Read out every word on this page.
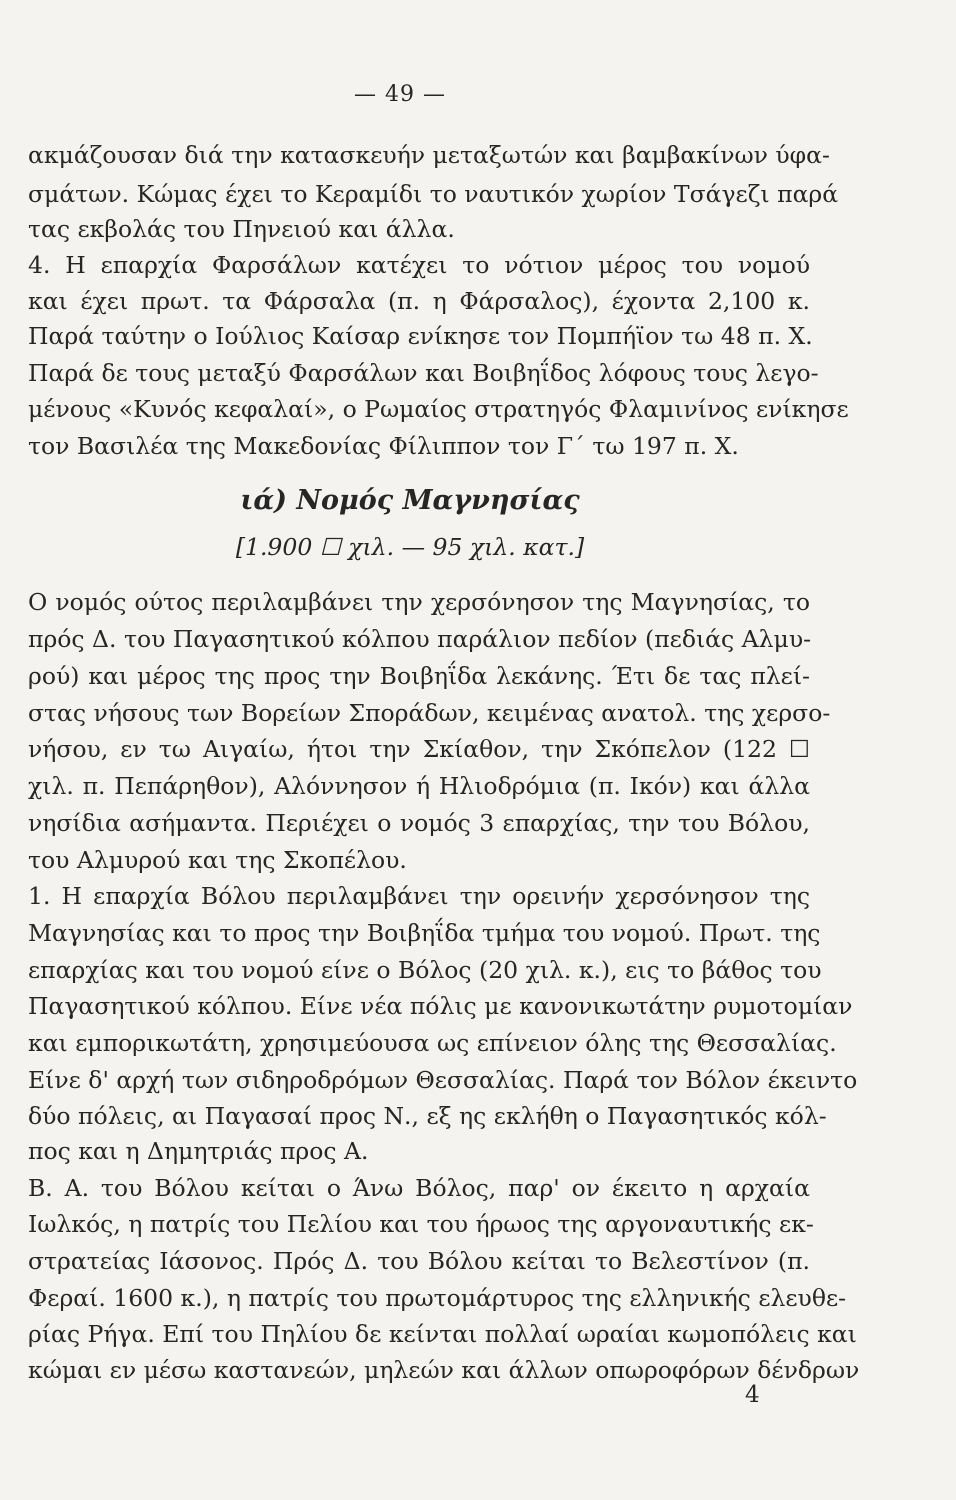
— 49 —
ακμάζουσαν διά την κατασκευήν μεταξωτών και βαμβακίνων ύφα-
σμάτων. Κώμας έχει το Κεραμίδι το ναυτικόν χωρίον Τσάγεζι παρά
τας εκβολάς του Πηνειού και άλλα.
4. Η επαρχία Φαρσάλων κατέχει το νότιον μέρος του νομού
και έχει πρωτ. τα Φάρσαλα (π. η Φάρσαλος), έχοντα 2,100 κ.
Παρά ταύτην ο Ιούλιος Καίσαρ ενίκησε τον Πομπήϊον τω 48 π. Χ.
Παρά δε τους μεταξύ Φαρσάλων και Βοιβηΐδος λόφους τους λεγο-
μένους «Κυνός κεφαλαί», ο Ρωμαίος στρατηγός Φλαμινίνος ενίκησε
τον Βασιλέα της Μακεδονίας Φίλιππον τον Γ΄ τω 197 π. Χ.
ιά) Νομός Μαγνησίας
[1.900 ☐ χιλ. — 95 χιλ. κατ.]
Ο νομός ούτος περιλαμβάνει την χερσόνησον της Μαγνησίας, το
πρός Δ. του Παγασητικού κόλπου παράλιον πεδίον (πεδιάς Αλμυ-
ρού) και μέρος της προς την Βοιβηΐδα λεκάνης. Έτι δε τας πλεί-
στας νήσους των Βορείων Σποράδων, κειμένας ανατολ. της χερσο-
νήσου, εν τω Αιγαίω, ήτοι την Σκίαθον, την Σκόπελον (122 ☐
χιλ. π. Πεπάρηθον), Αλόννησον ή Ηλιοδρόμια (π. Ικόν) και άλλα
νησίδια ασήμαντα. Περιέχει ο νομός 3 επαρχίας, την του Βόλου,
του Αλμυρού και της Σκοπέλου.
1. Η επαρχία Βόλου περιλαμβάνει την ορεινήν χερσόνησον της
Μαγνησίας και το προς την Βοιβηΐδα τμήμα του νομού. Πρωτ. της
επαρχίας και του νομού είνε ο Βόλος (20 χιλ. κ.), εις το βάθος του
Παγασητικού κόλπου. Είνε νέα πόλις με κανονικωτάτην ρυμοτομίαν
και εμπορικωτάτη, χρησιμεύουσα ως επίνειον όλης της Θεσσαλίας.
Είνε δ' αρχή των σιδηροδρόμων Θεσσαλίας. Παρά τον Βόλον έκειντο
δύο πόλεις, αι Παγασαί προς Ν., εξ ης εκλήθη ο Παγασητικός κόλ-
πος και η Δημητριάς προς Α.
Β. Α. του Βόλου κείται ο Άνω Βόλος, παρ' ον έκειτο η αρχαία
Ιωλκός, η πατρίς του Πελίου και του ήρωος της αργοναυτικής εκ-
στρατείας Ιάσονος. Πρός Δ. του Βόλου κείται το Βελεστίνον (π.
Φεραί. 1600 κ.), η πατρίς του πρωτομάρτυρος της ελληνικής ελευθε-
ρίας Ρήγα. Επί του Πηλίου δε κείνται πολλαί ωραίαι κωμοπόλεις και
κώμαι εν μέσω καστανεών, μηλεών και άλλων οπωροφόρων δένδρων
4
